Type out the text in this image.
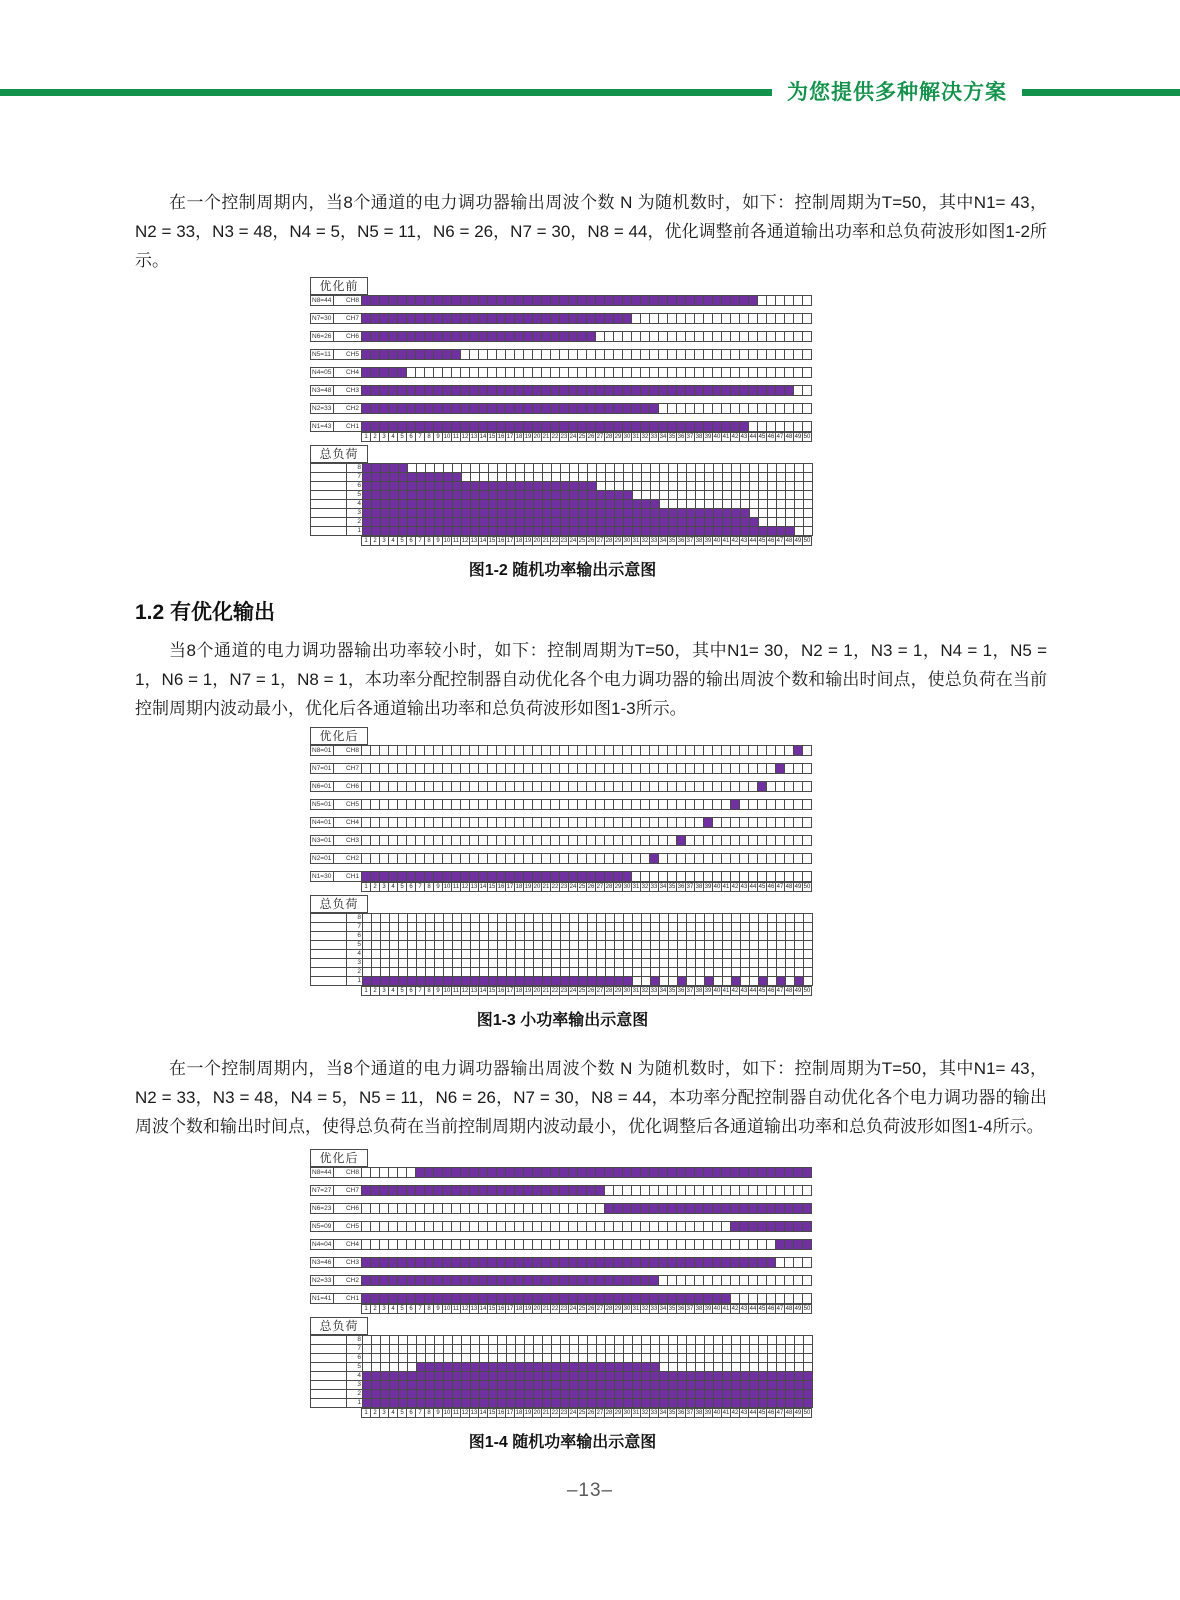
为您提供多种解决方案

在一个控制周期内，当8个通道的电力调功器输出周波个数 N 为随机数时，如下：控制周期为T=50，其中N1= 43，N2 = 33，N3 = 48，N4 = 5，N5 = 11，N6 = 26，N7 = 30，N8 = 44，优化调整前各通道输出功率和总负荷波形如图1-2所示。

优化前
N8=44	CH8
N7=30	CH7
N6=26	CH6
N5=11	CH5
N4=05	CH4
N3=48	CH3
N2=33	CH2
N1=43	CH1
1 2 3 4 5 6 7 8 9 10 11 12 13 14 15 16 17 18 19 20 21 22 23 24 25 26 27 28 29 30 31 32 33 34 35 36 37 38 39 40 41 42 43 44 45 46 47 48 49 50
总负荷
8
7
6
5
4
3
2
1
1 2 3 4 5 6 7 8 9 10 11 12 13 14 15 16 17 18 19 20 21 22 23 24 25 26 27 28 29 30 31 32 33 34 35 36 37 38 39 40 41 42 43 44 45 46 47 48 49 50
图1-2 随机功率输出示意图
1.2 有优化输出

当8个通道的电力调功器输出功率较小时，如下：控制周期为T=50，其中N1= 30，N2 = 1，N3 = 1，N4 = 1，N5 = 1，N6 = 1，N7 = 1，N8 = 1，本功率分配控制器自动优化各个电力调功器的输出周波个数和输出时间点，使总负荷在当前控制周期内波动最小，优化后各通道输出功率和总负荷波形如图1-3所示。

优化后
N8=01	CH8
N7=01	CH7
N6=01	CH6
N5=01	CH5
N4=01	CH4
N3=01	CH3
N2=01	CH2
N1=30	CH1
1 2 3 4 5 6 7 8 9 10 11 12 13 14 15 16 17 18 19 20 21 22 23 24 25 26 27 28 29 30 31 32 33 34 35 36 37 38 39 40 41 42 43 44 45 46 47 48 49 50
总负荷
8
7
6
5
4
3
2
1
1 2 3 4 5 6 7 8 9 10 11 12 13 14 15 16 17 18 19 20 21 22 23 24 25 26 27 28 29 30 31 32 33 34 35 36 37 38 39 40 41 42 43 44 45 46 47 48 49 50
图1-3 小功率输出示意图

在一个控制周期内，当8个通道的电力调功器输出周波个数 N 为随机数时，如下：控制周期为T=50，其中N1= 43，N2 = 33，N3 = 48，N4 = 5，N5 = 11，N6 = 26，N7 = 30，N8 = 44，本功率分配控制器自动优化各个电力调功器的输出周波个数和输出时间点，使得总负荷在当前控制周期内波动最小，优化调整后各通道输出功率和总负荷波形如图1-4所示。

优化后
N8=44	CH8
N7=27	CH7
N6=23	CH6
N5=09	CH5
N4=04	CH4
N3=46	CH3
N2=33	CH2
N1=41	CH1
1 2 3 4 5 6 7 8 9 10 11 12 13 14 15 16 17 18 19 20 21 22 23 24 25 26 27 28 29 30 31 32 33 34 35 36 37 38 39 40 41 42 43 44 45 46 47 48 49 50
总负荷
8
7
6
5
4
3
2
1
1 2 3 4 5 6 7 8 9 10 11 12 13 14 15 16 17 18 19 20 21 22 23 24 25 26 27 28 29 30 31 32 33 34 35 36 37 38 39 40 41 42 43 44 45 46 47 48 49 50
图1-4 随机功率输出示意图
–13–
